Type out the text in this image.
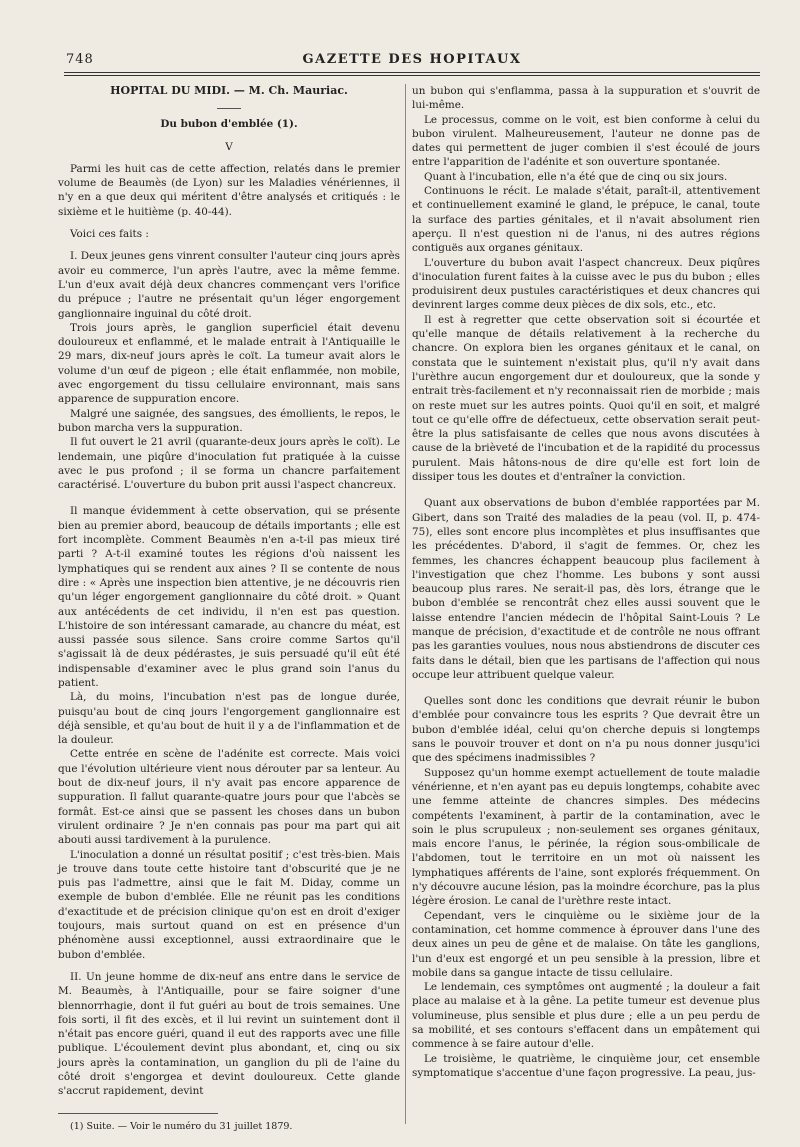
748	GAZETTE DES HOPITAUX

HOPITAL DU MIDI. — M. Ch. Mauriac.

Du bubon d'emblée (1).

V

Parmi les huit cas de cette affection, relatés dans le premier volume de Beaumès (de Lyon) sur les Maladies vénériennes, il n'y en a que deux qui méritent d'être analysés et critiqués : le sixième et le huitième (p. 40-44).

Voici ces faits :

I. Deux jeunes gens vinrent consulter l'auteur cinq jours après avoir eu commerce, l'un après l'autre, avec la même femme. L'un d'eux avait déjà deux chancres commençant vers l'orifice du prépuce ; l'autre ne présentait qu'un léger engorgement ganglionnaire inguinal du côté droit.

Trois jours après, le ganglion superficiel était devenu douloureux et enflammé, et le malade entrait à l'Antiquaille le 29 mars, dix-neuf jours après le coït. La tumeur avait alors le volume d'un œuf de pigeon ; elle était enflammée, non mobile, avec engorgement du tissu cellulaire environnant, mais sans apparence de suppuration encore.

Malgré une saignée, des sangsues, des émollients, le repos, le bubon marcha vers la suppuration.

Il fut ouvert le 21 avril (quarante-deux jours après le coït). Le lendemain, une piqûre d'inoculation fut pratiquée à la cuisse avec le pus profond ; il se forma un chancre parfaitement caractérisé. L'ouverture du bubon prit aussi l'aspect chancreux.

Il manque évidemment à cette observation, qui se présente bien au premier abord, beaucoup de détails importants ; elle est fort incomplète. Comment Beaumès n'en a-t-il pas mieux tiré parti ? A-t-il examiné toutes les régions d'où naissent les lymphatiques qui se rendent aux aines ? Il se contente de nous dire : « Après une inspection bien attentive, je ne découvris rien qu'un léger engorgement ganglionnaire du côté droit. » Quant aux antécédents de cet individu, il n'en est pas question. L'histoire de son intéressant camarade, au chancre du méat, est aussi passée sous silence. Sans croire comme Sartos qu'il s'agissait là de deux pédérastes, je suis persuadé qu'il eût été indispensable d'examiner avec le plus grand soin l'anus du patient.

Là, du moins, l'incubation n'est pas de longue durée, puisqu'au bout de cinq jours l'engorgement ganglionnaire est déjà sensible, et qu'au bout de huit il y a de l'inflammation et de la douleur.

Cette entrée en scène de l'adénite est correcte. Mais voici que l'évolution ultérieure vient nous dérouter par sa lenteur. Au bout de dix-neuf jours, il n'y avait pas encore apparence de suppuration. Il fallut quarante-quatre jours pour que l'abcès se formât. Est-ce ainsi que se passent les choses dans un bubon virulent ordinaire ? Je n'en connais pas pour ma part qui ait abouti aussi tardivement à la purulence.

L'inoculation a donné un résultat positif ; c'est très-bien. Mais je trouve dans toute cette histoire tant d'obscurité que je ne puis pas l'admettre, ainsi que le fait M. Diday, comme un exemple de bubon d'emblée. Elle ne réunit pas les conditions d'exactitude et de précision clinique qu'on est en droit d'exiger toujours, mais surtout quand on est en présence d'un phénomène aussi exceptionnel, aussi extraordinaire que le bubon d'emblée.

II. Un jeune homme de dix-neuf ans entre dans le service de M. Beaumès, à l'Antiquaille, pour se faire soigner d'une blennorrhagie, dont il fut guéri au bout de trois semaines. Une fois sorti, il fit des excès, et il lui revint un suintement dont il n'était pas encore guéri, quand il eut des rapports avec une fille publique. L'écoulement devint plus abondant, et, cinq ou six jours après la contamination, un ganglion du pli de l'aine du côté droit s'engorgea et devint douloureux. Cette glande s'accrut rapidement, devint

(1) Suite. — Voir le numéro du 31 juillet 1879.

un bubon qui s'enflamma, passa à la suppuration et s'ouvrit de lui-même.

Le processus, comme on le voit, est bien conforme à celui du bubon virulent. Malheureusement, l'auteur ne donne pas de dates qui permettent de juger combien il s'est écoulé de jours entre l'apparition de l'adénite et son ouverture spontanée.

Quant à l'incubation, elle n'a été que de cinq ou six jours.

Continuons le récit. Le malade s'était, paraît-il, attentivement et continuellement examiné le gland, le prépuce, le canal, toute la surface des parties génitales, et il n'avait absolument rien aperçu. Il n'est question ni de l'anus, ni des autres régions contiguës aux organes génitaux.

L'ouverture du bubon avait l'aspect chancreux. Deux piqûres d'inoculation furent faites à la cuisse avec le pus du bubon ; elles produisirent deux pustules caractéristiques et deux chancres qui devinrent larges comme deux pièces de dix sols, etc., etc.

Il est à regretter que cette observation soit si écourtée et qu'elle manque de détails relativement à la recherche du chancre. On explora bien les organes génitaux et le canal, on constata que le suintement n'existait plus, qu'il n'y avait dans l'urèthre aucun engorgement dur et douloureux, que la sonde y entrait très-facilement et n'y reconnaissait rien de morbide ; mais on reste muet sur les autres points. Quoi qu'il en soit, et malgré tout ce qu'elle offre de défectueux, cette observation serait peut-être la plus satisfaisante de celles que nous avons discutées à cause de la brièveté de l'incubation et de la rapidité du processus purulent. Mais hâtons-nous de dire qu'elle est fort loin de dissiper tous les doutes et d'entraîner la conviction.

Quant aux observations de bubon d'emblée rapportées par M. Gibert, dans son Traité des maladies de la peau (vol. II, p. 474-75), elles sont encore plus incomplètes et plus insuffisantes que les précédentes. D'abord, il s'agit de femmes. Or, chez les femmes, les chancres échappent beaucoup plus facilement à l'investigation que chez l'homme. Les bubons y sont aussi beaucoup plus rares. Ne serait-il pas, dès lors, étrange que le bubon d'emblée se rencontrât chez elles aussi souvent que le laisse entendre l'ancien médecin de l'hôpital Saint-Louis ? Le manque de précision, d'exactitude et de contrôle ne nous offrant pas les garanties voulues, nous nous abstiendrons de discuter ces faits dans le détail, bien que les partisans de l'affection qui nous occupe leur attribuent quelque valeur.

Quelles sont donc les conditions que devrait réunir le bubon d'emblée pour convaincre tous les esprits ? Que devrait être un bubon d'emblée idéal, celui qu'on cherche depuis si longtemps sans le pouvoir trouver et dont on n'a pu nous donner jusqu'ici que des spécimens inadmissibles ?

Supposez qu'un homme exempt actuellement de toute maladie vénérienne, et n'en ayant pas eu depuis longtemps, cohabite avec une femme atteinte de chancres simples. Des médecins compétents l'examinent, à partir de la contamination, avec le soin le plus scrupuleux ; non-seulement ses organes génitaux, mais encore l'anus, le périnée, la région sous-ombilicale de l'abdomen, tout le territoire en un mot où naissent les lymphatiques afférents de l'aine, sont explorés fréquemment. On n'y découvre aucune lésion, pas la moindre écorchure, pas la plus légère érosion. Le canal de l'urèthre reste intact.

Cependant, vers le cinquième ou le sixième jour de la contamination, cet homme commence à éprouver dans l'une des deux aines un peu de gêne et de malaise. On tâte les ganglions, l'un d'eux est engorgé et un peu sensible à la pression, libre et mobile dans sa gangue intacte de tissu cellulaire.

Le lendemain, ces symptômes ont augmenté ; la douleur a fait place au malaise et à la gêne. La petite tumeur est devenue plus volumineuse, plus sensible et plus dure ; elle a un peu perdu de sa mobilité, et ses contours s'effacent dans un empâtement qui commence à se faire autour d'elle.

Le troisième, le quatrième, le cinquième jour, cet ensemble symptomatique s'accentue d'une façon progressive. La peau, jus-
